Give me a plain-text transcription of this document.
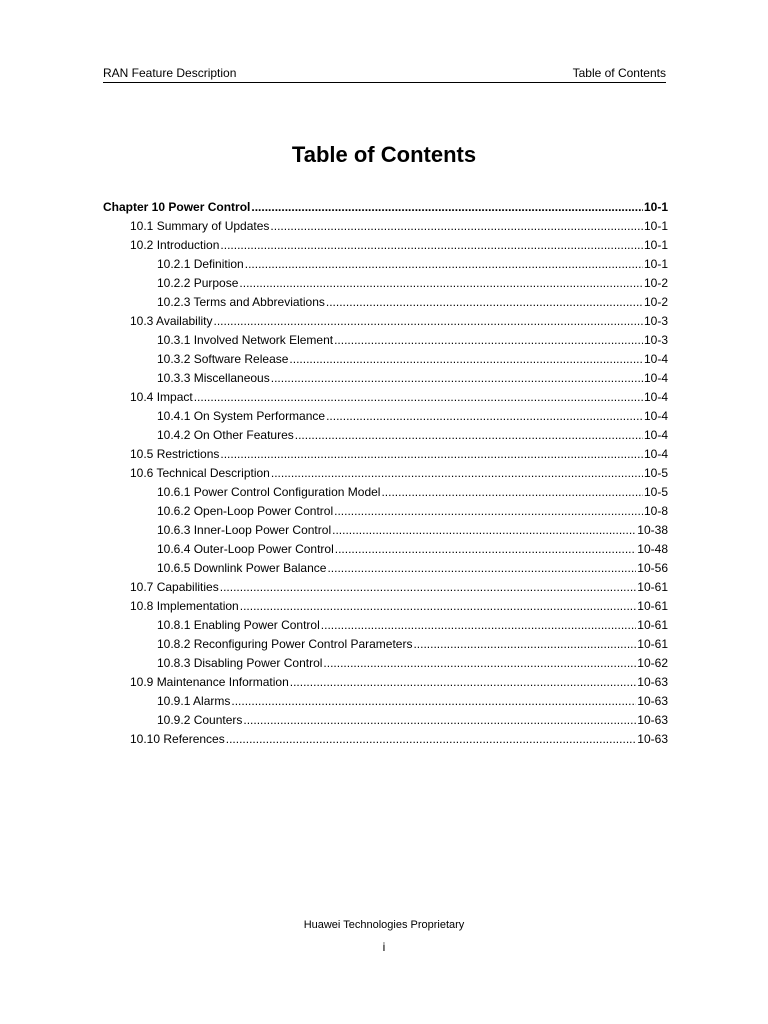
RAN Feature Description	Table of Contents
Table of Contents
Chapter 10 Power Control .....	10-1
10.1 Summary of Updates .....	10-1
10.2 Introduction .....	10-1
10.2.1 Definition .....	10-1
10.2.2 Purpose .....	10-2
10.2.3 Terms and Abbreviations .....	10-2
10.3 Availability .....	10-3
10.3.1 Involved Network Element .....	10-3
10.3.2 Software Release .....	10-4
10.3.3 Miscellaneous .....	10-4
10.4 Impact .....	10-4
10.4.1 On System Performance .....	10-4
10.4.2 On Other Features .....	10-4
10.5 Restrictions .....	10-4
10.6 Technical Description .....	10-5
10.6.1 Power Control Configuration Model .....	10-5
10.6.2 Open-Loop Power Control .....	10-8
10.6.3 Inner-Loop Power Control .....	10-38
10.6.4 Outer-Loop Power Control .....	10-48
10.6.5 Downlink Power Balance .....	10-56
10.7 Capabilities .....	10-61
10.8 Implementation .....	10-61
10.8.1 Enabling Power Control .....	10-61
10.8.2 Reconfiguring Power Control Parameters .....	10-61
10.8.3 Disabling Power Control .....	10-62
10.9 Maintenance Information .....	10-63
10.9.1 Alarms .....	10-63
10.9.2 Counters .....	10-63
10.10 References .....	10-63
Huawei Technologies Proprietary
i
